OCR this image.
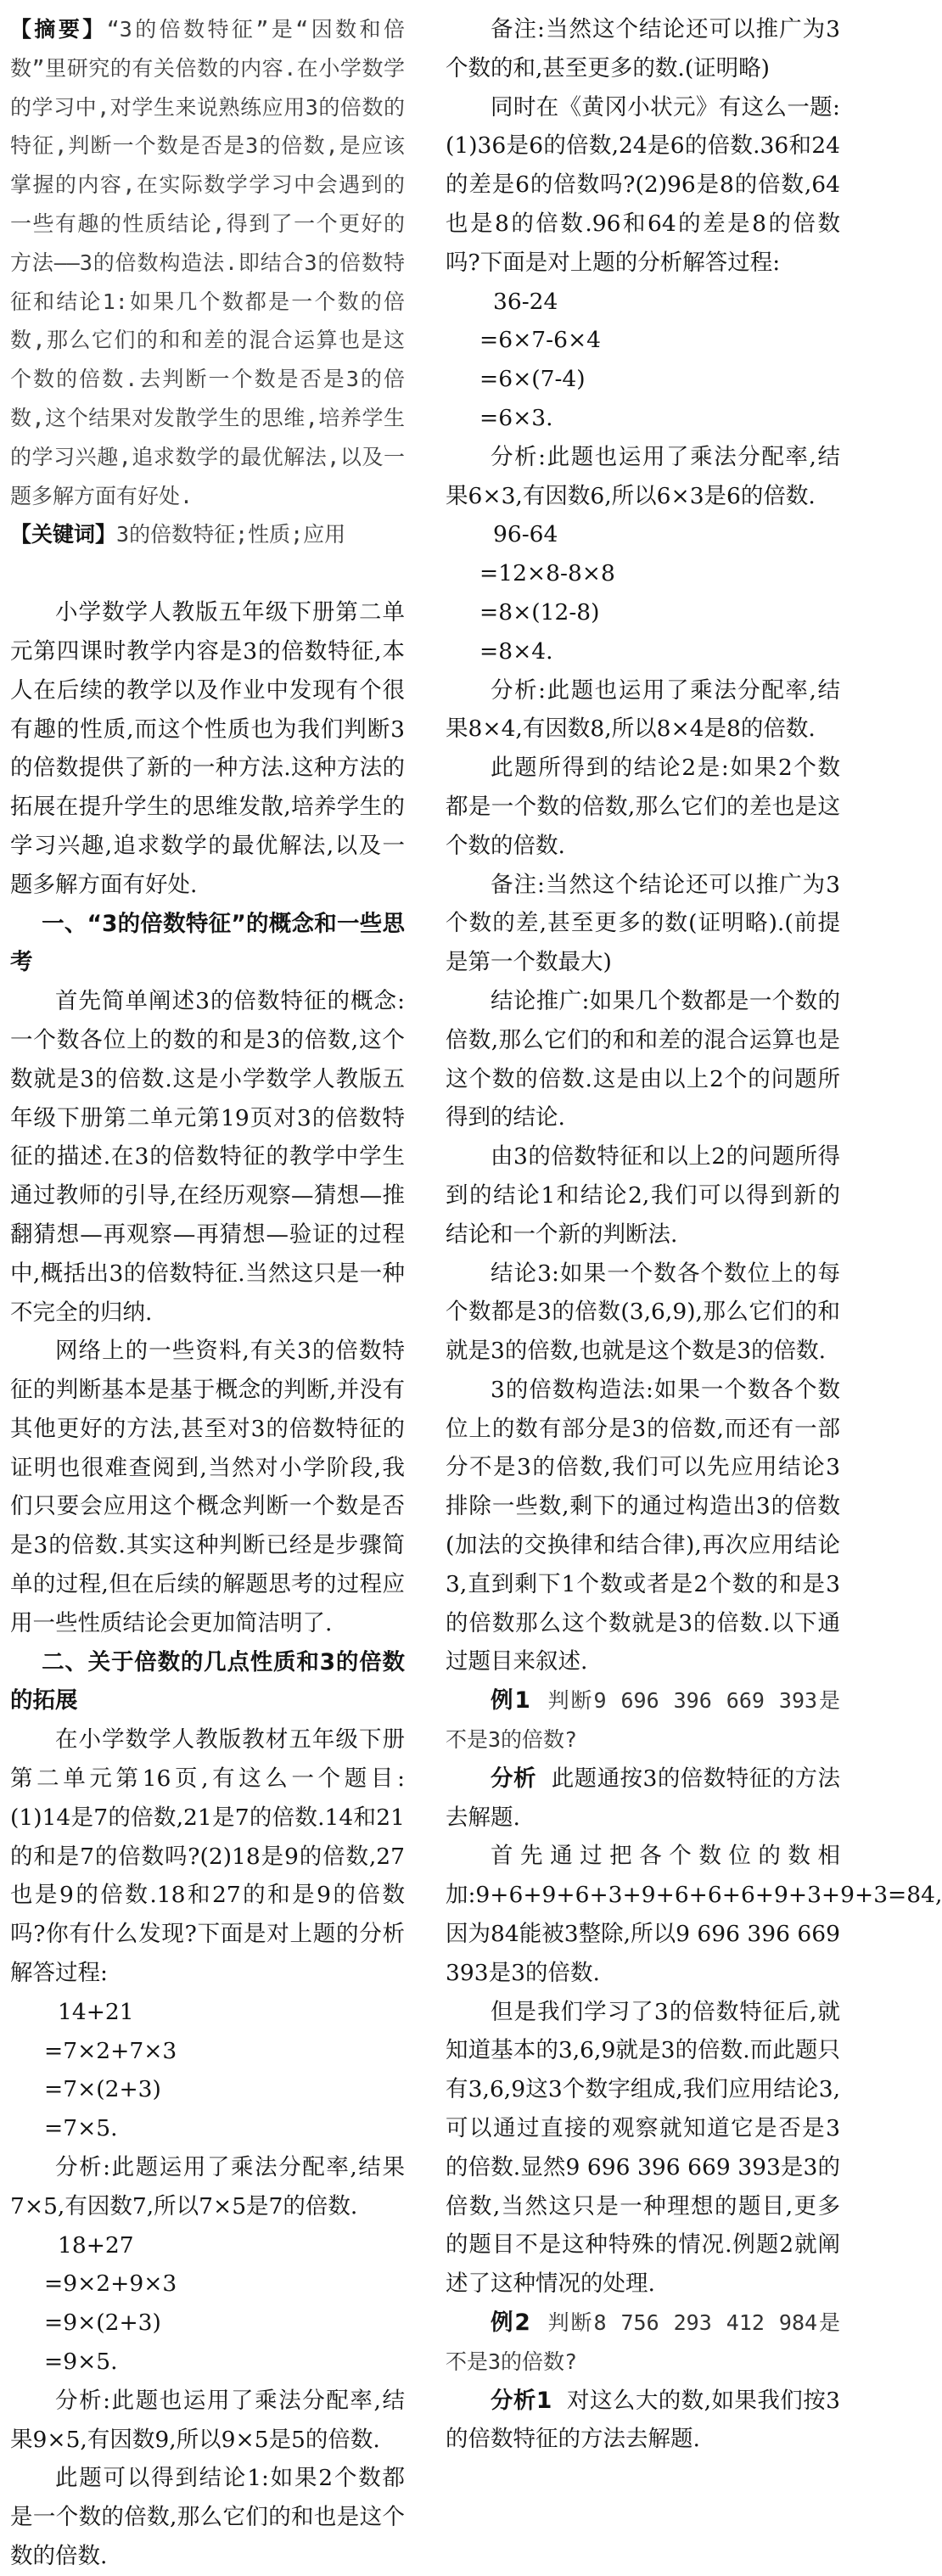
【摘要】“3的倍数特征”是“因数和倍数”里研究的有关倍数的内容.在小学数学的学习中,对学生来说熟练应用3的倍数的特征,判断一个数是否是3的倍数,是应该掌握的内容,在实际数学学习中会遇到的一些有趣的性质结论,得到了一个更好的方法——3的倍数构造法.即结合3的倍数特征和结论1:如果几个数都是一个数的倍数,那么它们的和和差的混合运算也是这个数的倍数.去判断一个数是否是3的倍数,这个结果对发散学生的思维,培养学生的学习兴趣,追求数学的最优解法,以及一题多解方面有好处.

【关键词】3的倍数特征;性质;应用

小学数学人教版五年级下册第二单元第四课时教学内容是3的倍数特征,本人在后续的教学以及作业中发现有个很有趣的性质,而这个性质也为我们判断3的倍数提供了新的一种方法.这种方法的拓展在提升学生的思维发散,培养学生的学习兴趣,追求数学的最优解法,以及一题多解方面有好处.

一、“3的倍数特征”的概念和一些思考

首先简单阐述3的倍数特征的概念:一个数各位上的数的和是3的倍数,这个数就是3的倍数.这是小学数学人教版五年级下册第二单元第19页对3的倍数特征的描述.在3的倍数特征的教学中学生通过教师的引导,在经历观察—猜想—推翻猜想—再观察—再猜想—验证的过程中,概括出3的倍数特征.当然这只是一种不完全的归纳.

网络上的一些资料,有关3的倍数特征的判断基本是基于概念的判断,并没有其他更好的方法,甚至对3的倍数特征的证明也很难查阅到,当然对小学阶段,我们只要会应用这个概念判断一个数是否是3的倍数.其实这种判断已经是步骤简单的过程,但在后续的解题思考的过程应用一些性质结论会更加简洁明了.

二、关于倍数的几点性质和3的倍数的拓展

在小学数学人教版教材五年级下册第二单元第16页,有这么一个题目:(1)14是7的倍数,21是7的倍数.14和21的和是7的倍数吗?(2)18是9的倍数,27也是9的倍数.18和27的和是9的倍数吗?你有什么发现?下面是对上题的分析解答过程:

14+21

=7×2+7×3

=7×(2+3)

=7×5.

分析:此题运用了乘法分配率,结果7×5,有因数7,所以7×5是7的倍数.

18+27

=9×2+9×3

=9×(2+3)

=9×5.

分析:此题也运用了乘法分配率,结果9×5,有因数9,所以9×5是5的倍数.

此题可以得到结论1:如果2个数都是一个数的倍数,那么它们的和也是这个数的倍数.

备注:当然这个结论还可以推广为3个数的和,甚至更多的数.(证明略)

同时在《黄冈小状元》有这么一题:(1)36是6的倍数,24是6的倍数.36和24的差是6的倍数吗?(2)96是8的倍数,64也是8的倍数.96和64的差是8的倍数吗?下面是对上题的分析解答过程:

36-24

=6×7-6×4

=6×(7-4)

=6×3.

分析:此题也运用了乘法分配率,结果6×3,有因数6,所以6×3是6的倍数.

96-64

=12×8-8×8

=8×(12-8)

=8×4.

分析:此题也运用了乘法分配率,结果8×4,有因数8,所以8×4是8的倍数.

此题所得到的结论2是:如果2个数都是一个数的倍数,那么它们的差也是这个数的倍数.

备注:当然这个结论还可以推广为3个数的差,甚至更多的数(证明略).(前提是第一个数最大)

结论推广:如果几个数都是一个数的倍数,那么它们的和和差的混合运算也是这个数的倍数.这是由以上2个的问题所得到的结论.

由3的倍数特征和以上2的问题所得到的结论1和结论2,我们可以得到新的结论和一个新的判断法.

结论3:如果一个数各个数位上的每个数都是3的倍数(3,6,9),那么它们的和就是3的倍数,也就是这个数是3的倍数.

3的倍数构造法:如果一个数各个数位上的数有部分是3的倍数,而还有一部分不是3的倍数,我们可以先应用结论3排除一些数,剩下的通过构造出3的倍数(加法的交换律和结合律),再次应用结论3,直到剩下1个数或者是2个数的和是3的倍数那么这个数就是3的倍数.以下通过题目来叙述.

例1 判断9 696 396 669 393是不是3的倍数?

分析 此题通按3的倍数特征的方法去解题.

首先通过把各个数位的数相加:9+6+9+6+3+9+6+6+6+9+3+9+3=84,因为84能被3整除,所以9 696 396 669 393是3的倍数.

但是我们学习了3的倍数特征后,就知道基本的3,6,9就是3的倍数.而此题只有3,6,9这3个数字组成,我们应用结论3,可以通过直接的观察就知道它是否是3的倍数.显然9 696 396 669 393是3的倍数,当然这只是一种理想的题目,更多的题目不是这种特殊的情况.例题2就阐述了这种情况的处理.

例2 判断8 756 293 412 984是不是3的倍数?

分析1 对这么大的数,如果我们按3的倍数特征的方法去解题.
